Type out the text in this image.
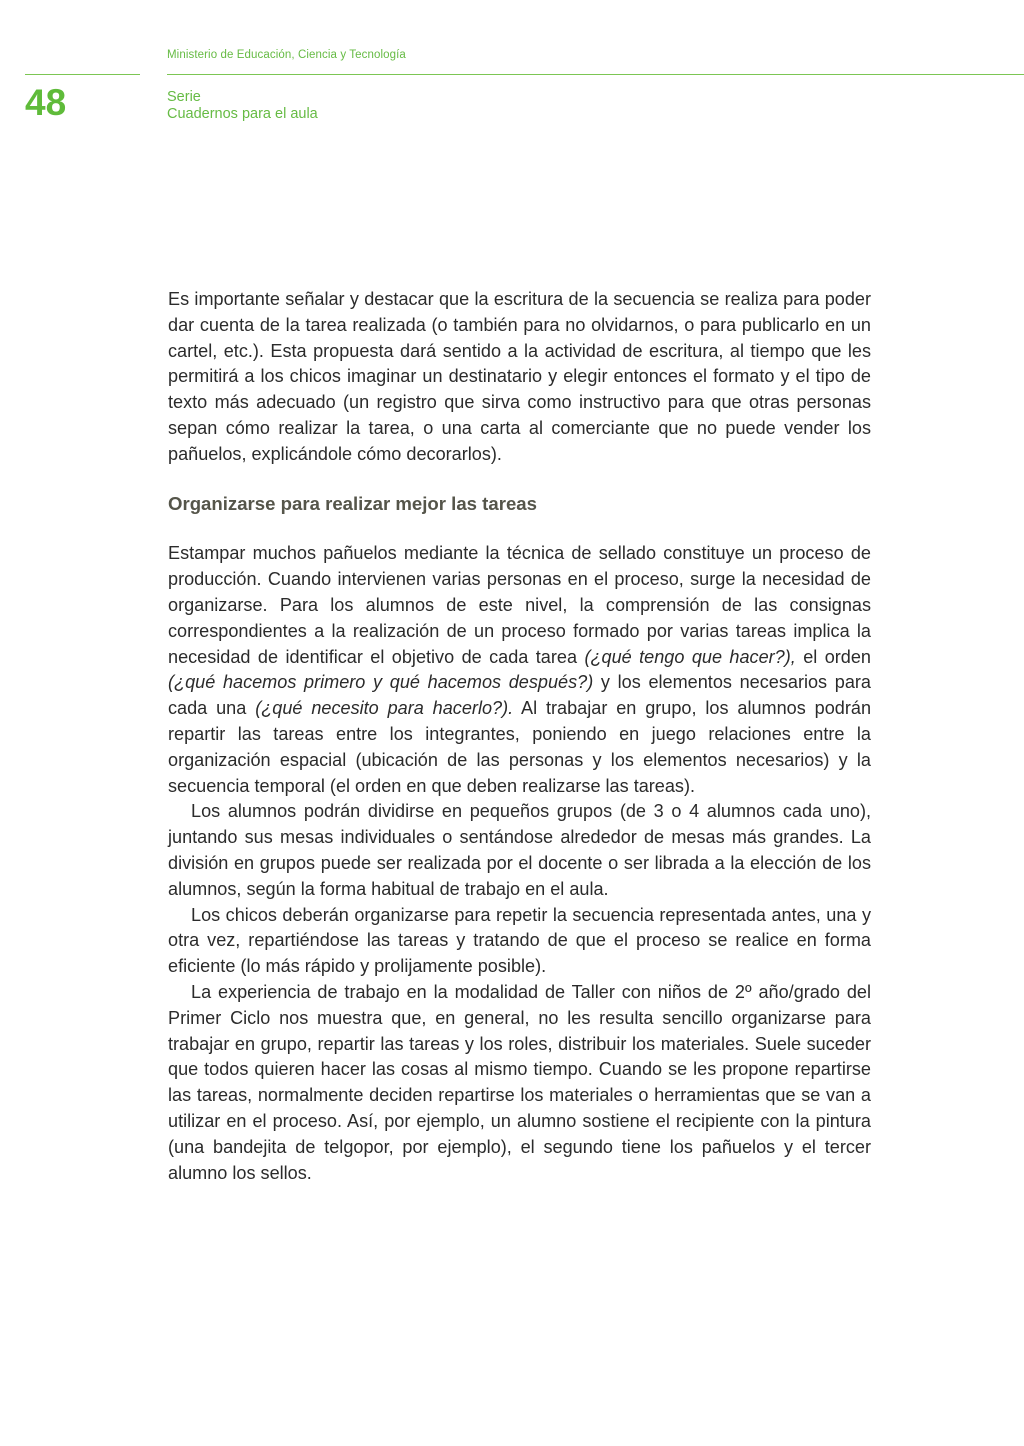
Ministerio de Educación, Ciencia y Tecnología
48	Serie
Cuadernos para el aula

Es importante señalar y destacar que la escritura de la secuencia se realiza para poder dar cuenta de la tarea realizada (o también para no olvidarnos, o para publicarlo en un cartel, etc.). Esta propuesta dará sentido a la actividad de escritura, al tiempo que les permitirá a los chicos imaginar un destinatario y elegir entonces el formato y el tipo de texto más adecuado (un registro que sirva como instructivo para que otras personas sepan cómo realizar la tarea, o una carta al comerciante que no puede vender los pañuelos, explicándole cómo decorarlos).

Organizarse para realizar mejor las tareas

Estampar muchos pañuelos mediante la técnica de sellado constituye un proceso de producción. Cuando intervienen varias personas en el proceso, surge la necesidad de organizarse. Para los alumnos de este nivel, la comprensión de las consignas correspondientes a la realización de un proceso formado por varias tareas implica la necesidad de identificar el objetivo de cada tarea (¿qué tengo que hacer?), el orden (¿qué hacemos primero y qué hacemos después?) y los elementos necesarios para cada una (¿qué necesito para hacerlo?). Al trabajar en grupo, los alumnos podrán repartir las tareas entre los integrantes, poniendo en juego relaciones entre la organización espacial (ubicación de las personas y los elementos necesarios) y la secuencia temporal (el orden en que deben realizarse las tareas).

Los alumnos podrán dividirse en pequeños grupos (de 3 o 4 alumnos cada uno), juntando sus mesas individuales o sentándose alrededor de mesas más grandes. La división en grupos puede ser realizada por el docente o ser librada a la elección de los alumnos, según la forma habitual de trabajo en el aula.

Los chicos deberán organizarse para repetir la secuencia representada antes, una y otra vez, repartiéndose las tareas y tratando de que el proceso se realice en forma eficiente (lo más rápido y prolijamente posible).

La experiencia de trabajo en la modalidad de Taller con niños de 2º año/grado del Primer Ciclo nos muestra que, en general, no les resulta sencillo organizarse para trabajar en grupo, repartir las tareas y los roles, distribuir los materiales. Suele suceder que todos quieren hacer las cosas al mismo tiempo. Cuando se les propone repartirse las tareas, normalmente deciden repartirse los materiales o herramientas que se van a utilizar en el proceso. Así, por ejemplo, un alumno sostiene el recipiente con la pintura (una bandejita de telgopor, por ejemplo), el segundo tiene los pañuelos y el tercer alumno los sellos.
